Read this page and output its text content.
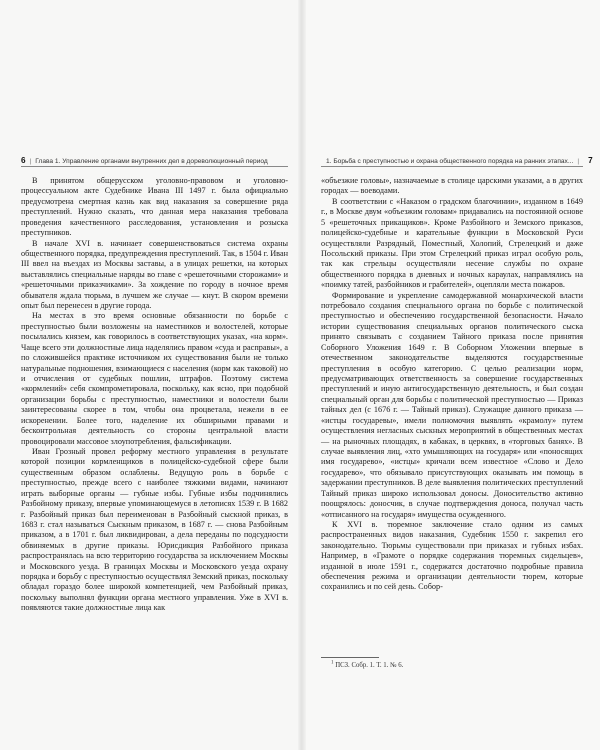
6 | Глава 1. Управление органами внутренних дел в дореволюционный период

В принятом общерусском уголовно-правовом и уголовно-процессуальном акте Судебнике Ивана III 1497 г. была официально предусмотрена смертная казнь как вид наказания за совершение ряда преступлений. Нужно сказать, что данная мера наказания требовала проведения качественного расследования, установления и розыска преступников.

В начале XVI в. начинает совершенствоваться система охраны общественного порядка, предупреждения преступлений. Так, в 1504 г. Иван III ввел на въездах из Москвы заставы, а в улицах решетки, на которых выставлялись специальные наряды во главе с «решеточными сторожами» и «решеточными приказчиками». За хождение по городу в ночное время обывателя ждала тюрьма, в лучшем же случае — кнут. В скором времени опыт был перенесен в другие города.

На местах в это время основные обязанности по борьбе с преступностью были возложены на наместников и волостелей, которые посылались князем, как говорилось в соответствующих указах, «на корм». Чаще всего эти должностные лица наделялись правом «суда и расправы», а по сложившейся практике источником их существования были не только натуральные подношения, взимающиеся с населения (корм как таковой) но и отчисления от судебных пошлин, штрафов. Поэтому система «кормлений» себя скомпрометировала, поскольку, как ясно, при подобной организации борьбы с преступностью, наместники и волостели были заинтересованы скорее в том, чтобы она процветала, нежели в ее искоренении. Более того, наделение их обширными правами и бесконтрольная деятельность со стороны центральной власти провоцировали массовое злоупотребления, фальсификации.

Иван Грозный провел реформу местного управления в результате которой позиции кормленщиков в полицейско-судебной сфере были существенным образом ослаблены. Ведущую роль в борьбе с преступностью, прежде всего с наиболее тяжкими видами, начинают играть выборные органы — губные избы. Губные избы подчинялись Разбойному приказу, впервые упоминающемуся в летописях 1539 г. В 1682 г. Разбойный приказ был переименован в Разбойный сыскной приказ, в 1683 г. стал называться Сыскным приказом, в 1687 г. — снова Разбойным приказом, а в 1701 г. был ликвидирован, а дела переданы по подсудности обвиняемых в другие приказы. Юрисдикция Разбойного приказа распространялась на всю территорию государства за исключением Москвы и Московского уезда. В границах Москвы и Московского уезда охрану порядка и борьбу с преступностью осуществлял Земский приказ, поскольку обладал гораздо более широкой компетенцией, чем Разбойный приказ, поскольку выполнял функции органа местного управления. Уже в XVI в. появляются такие должностные лица как

1. Борьба с преступностью и охрана общественного порядка на ранних этапах... | 7

«объезжие головы», назначаемые в столице царскими указами, а в других городах — воеводами.

В соответствии с «Наказом о градском благочинии», изданном в 1649 г., в Москве двум «объезжим головам» придавались на постоянной основе 5 «решеточных прикащиков». Кроме Разбойного и Земского приказов, полицейско-судебные и карательные функции в Московской Руси осуществляли Разрядный, Поместный, Холопий, Стрелецкий и даже Посольский приказы. При этом Стрелецкий приказ играл особую роль, так как стрельцы осуществляли несение службы по охране общественного порядка в дневных и ночных караулах, направлялись на «поимку татей, разбойников и грабителей», оцепляли места пожаров.

Формирование и укрепление самодержавной монархической власти потребовало создания специального органа по борьбе с политической преступностью и обеспечению государственной безопасности. Начало истории существования специальных органов политического сыска принято связывать с созданием Тайного приказа после принятия Соборного Уложения 1649 г. В Соборном Уложении впервые в отечественном законодательстве выделяются государственные преступления в особую категорию. С целью реализации норм, предусматривающих ответственность за совершение государственных преступлений и иную антигосударственную деятельность, и был создан специальный орган для борьбы с политической преступностью — Приказ тайных дел (с 1676 г. — Тайный приказ). Служащие данного приказа — «истцы государевы», имели полномочия выявлять «крамолу» путем осуществления негласных сыскных мероприятий в общественных местах — на рыночных площадях, в кабаках, в церквях, в «торговых банях». В случае выявления лиц, «хто умышляющих на государя» или «поносящих имя государево», «истцы» кричали всем известное «Слово и Дело государево», что обязывало присутствующих оказывать им помощь в задержании преступников. В деле выявления политических преступлений Тайный приказ широко использовал доносы. Доносительство активно поощрялось: доносчик, в случае подтверждения доноса, получал часть «отписанного на государя» имущества осужденного.

К XVI в. тюремное заключение стало одним из самых распространенных видов наказания, Судебник 1550 г. закрепил его законодательно. Тюрьмы существовали при приказах и губных избах. Например, в «Грамоте о порядке содержания тюремных сидельцев», изданной в июле 1591 г., содержатся достаточно подробные правила обеспечения режима и организации деятельности тюрем, которые сохранились и по сей день. Собор-

$^1$ ПСЗ. Собр. 1. Т. 1. № 6.
